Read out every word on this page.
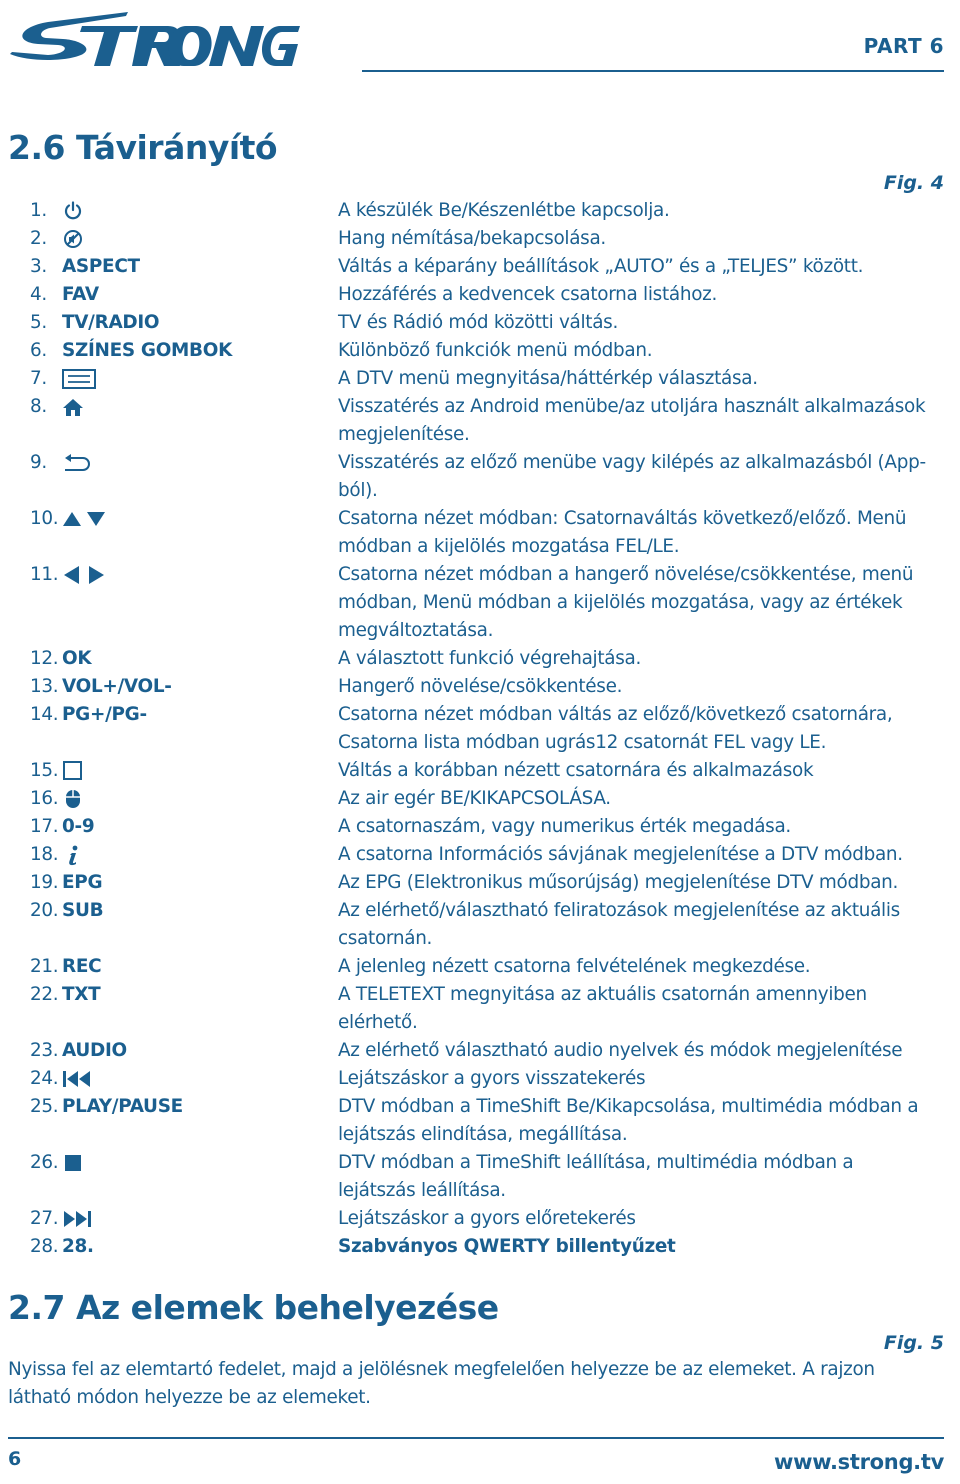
PART 6
2.6 Távirányító
Fig. 4
1.	A készülék Be/Készenlétbe kapcsolja.
2.	Hang némítása/bekapcsolása.
3. ASPECT	Váltás a képarány beállítások „AUTO” és a „TELJES” között.
4. FAV	Hozzáférés a kedvencek csatorna listához.
5. TV/RADIO	TV és Rádió mód közötti váltás.
6. SZÍNES GOMBOK	Különböző funkciók menü módban.
7.	A DTV menü megnyitása/háttérkép választása.
8.	Visszatérés az Android menübe/az utoljára használt alkalmazások
megjelenítése.
9.	Visszatérés az előző menübe vagy kilépés az alkalmazásból (App-
ból).
10.	Csatorna nézet módban: Csatornaváltás következő/előző. Menü
módban a kijelölés mozgatása FEL/LE.
11.	Csatorna nézet módban a hangerő növelése/csökkentése, menü
módban, Menü módban a kijelölés mozgatása, vagy az értékek
megváltoztatása.
12. OK	A választott funkció végrehajtása.
13. VOL+/VOL-	Hangerő növelése/csökkentése.
14. PG+/PG-	Csatorna nézet módban váltás az előző/következő csatornára,
Csatorna lista módban ugrás12 csatornát FEL vagy LE.
15.	Váltás a korábban nézett csatornára és alkalmazások
16.	Az air egér BE/KIKAPCSOLÁSA.
17. 0-9	A csatornaszám, vagy numerikus érték megadása.
18.	A csatorna Információs sávjának megjelenítése a DTV módban.
19. EPG	Az EPG (Elektronikus műsorújság) megjelenítése DTV módban.
20. SUB	Az elérhető/választható feliratozások megjelenítése az aktuális
csatornán.
21. REC	A jelenleg nézett csatorna felvételének megkezdése.
22. TXT	A TELETEXT megnyitása az aktuális csatornán amennyiben
elérhető.
23. AUDIO	Az elérhető választható audio nyelvek és módok megjelenítése
24.	Lejátszáskor a gyors visszatekerés
25. PLAY/PAUSE	DTV módban a TimeShift Be/Kikapcsolása, multimédia módban a
lejátszás elindítása, megállítása.
26.	DTV módban a TimeShift leállítása, multimédia módban a
lejátszás leállítása.
27.	Lejátszáskor a gyors előretekerés
28. 28.	Szabványos QWERTY billentyűzet
2.7 Az elemek behelyezése
Fig. 5
Nyissa fel az elemtartó fedelet, majd a jelölésnek megfelelően helyezze be az elemeket. A rajzon
látható módon helyezze be az elemeket.
6	www.strong.tv
